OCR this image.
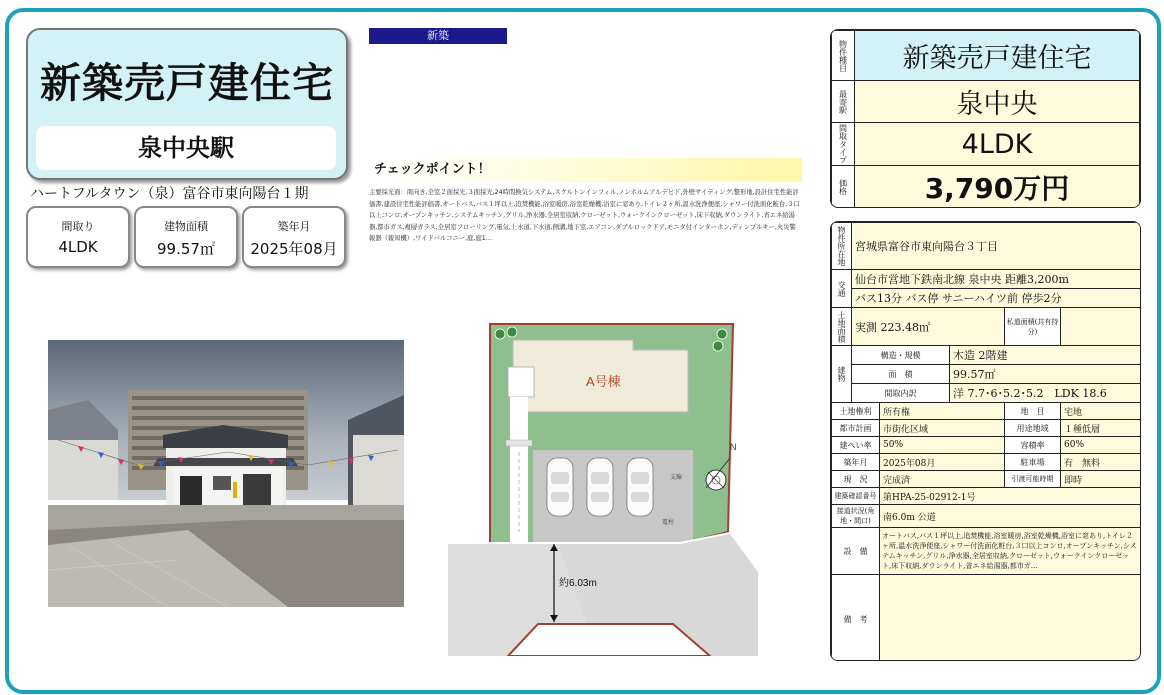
新築売戸建住宅
泉中央駅
ハートフルタウン（泉）富谷市東向陽台１期
間取り
4LDK
建物面積
99.57㎡
築年月
2025年08月
新築
チェックポイント！
主要採光面：南向き,全室２面採光,３面採光,24時間換気システム,スケルトンインフィル,ノンホルムアルデヒド,外壁サイディング,整形地,設計住宅性能評価書,建設住宅性能評価書,オートバス,バス１坪以上,追焚機能,浴室暖房,浴室乾燥機,浴室に窓あり,トイレ２ヶ所,温水洗浄便座,シャワー付洗面化粧台,３口以上コンロ,オープンキッチン,システムキッチン,グリル,浄水器,全居室収納,クローゼット,ウォークインクローゼット,床下収納,ダウンライト,省エネ給湯器,都市ガス,複層ガラス,全居室フローリング,電気,上水道,下水道,側溝,地下室,エアコン,ダブルロックドア,モニタ付インターホン,ディンプルキー,火災警報器（報知機）,ワイドバルコニー,庭,庭1…
A号棟
支線
電柱
N
約6.03m
物件種目	新築売戸建住宅

最寄駅	泉中央

間取タイプ	4LDK

価格	3,790万円
物件所在地	宮城県富谷市東向陽台３丁目				

交通	仙台市営地下鉄南北線 泉中央 距離3,200m				
	バス13分 バス停 サニーハイツ前 停歩2分				

土地面積	実測 223.48㎡			私道面積(共有持分)	

建物	構造・規模		木造 2階建		
	面　積		99.57㎡		
	間取内訳		洋 7.7･6･5.2･5.2　LDK 18.6		
土地権利		所有権		地　目	宅地
都市計画		市街化区域		用途地域	１種低層
建ぺい率		50%		容積率	60%
築年月		2025年08月		駐車場	有　無料
現　況		完成済		引渡可能時期	即時
建築確認番号		第HPA-25-02912-1号			
接道状況(角地・間口)		南6.0m 公道			
設　備		オートバス,バス１坪以上,追焚機能,浴室暖房,浴室乾燥機,浴室に窓あり,トイレ２ヶ所,温水洗浄便座,シャワー付洗面化粧台,３口以上コンロ,オープンキッチン,システムキッチン,グリル,浄水器,全居室収納,クローゼット,ウォークインクローゼット,床下収納,ダウンライト,省エネ給湯器,都市ガ…			
備　考					
